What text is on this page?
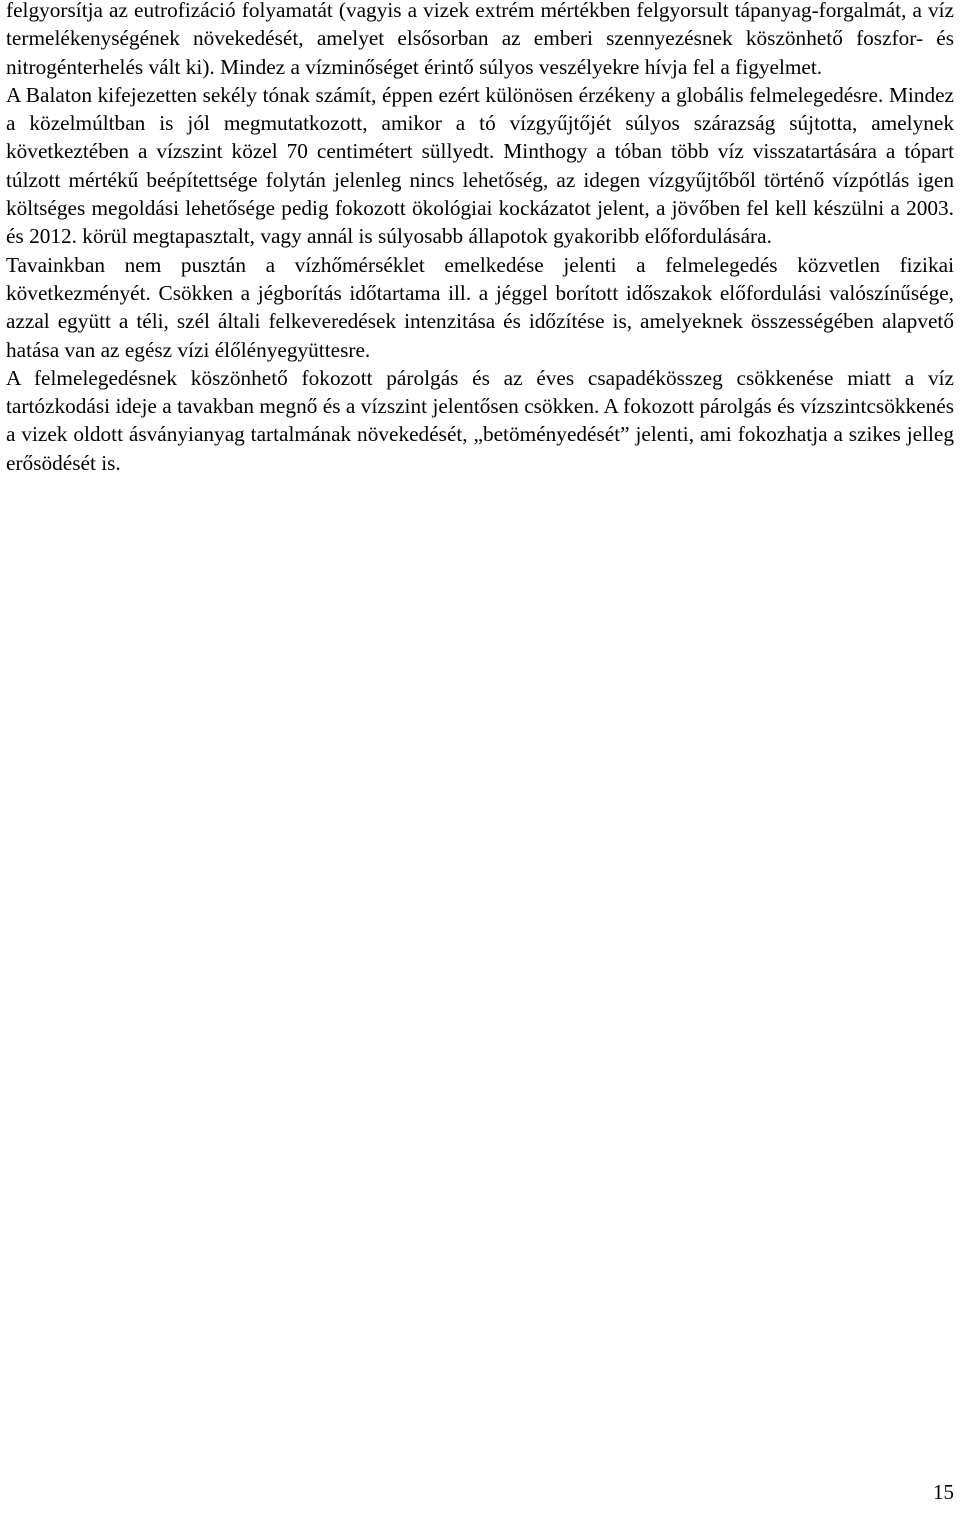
felgyorsítja az eutrofizáció folyamatát (vagyis a vizek extrém mértékben felgyorsult tápanyag-forgalmát, a víz termelékenységének növekedését, amelyet elsősorban az emberi szennyezésnek köszönhető foszfor- és nitrogénterhelés vált ki). Mindez a vízminőséget érintő súlyos veszélyekre hívja fel a figyelmet.

A Balaton kifejezetten sekély tónak számít, éppen ezért különösen érzékeny a globális felmelegedésre. Mindez a közelmúltban is jól megmutatkozott, amikor a tó vízgyűjtőjét súlyos szárazság sújtotta, amelynek következtében a vízszint közel 70 centimétert süllyedt. Minthogy a tóban több víz visszatartására a tópart túlzott mértékű beépítettsége folytán jelenleg nincs lehetőség, az idegen vízgyűjtőből történő vízpótlás igen költséges megoldási lehetősége pedig fokozott ökológiai kockázatot jelent, a jövőben fel kell készülni a 2003. és 2012. körül megtapasztalt, vagy annál is súlyosabb állapotok gyakoribb előfordulására.

Tavainkban nem pusztán a vízhőmérséklet emelkedése jelenti a felmelegedés közvetlen fizikai következményét. Csökken a jégborítás időtartama ill. a jéggel borított időszakok előfordulási valószínűsége, azzal együtt a téli, szél általi felkeveredések intenzitása és időzítése is, amelyeknek összességében alapvető hatása van az egész vízi élőlényegyüttesre.

A felmelegedésnek köszönhető fokozott párolgás és az éves csapadékösszeg csökkenése miatt a víz tartózkodási ideje a tavakban megnő és a vízszint jelentősen csökken. A fokozott párolgás és vízszintcsökkenés a vizek oldott ásványianyag tartalmának növekedését, „betöményedését” jelenti, ami fokozhatja a szikes jelleg erősödését is.

15
